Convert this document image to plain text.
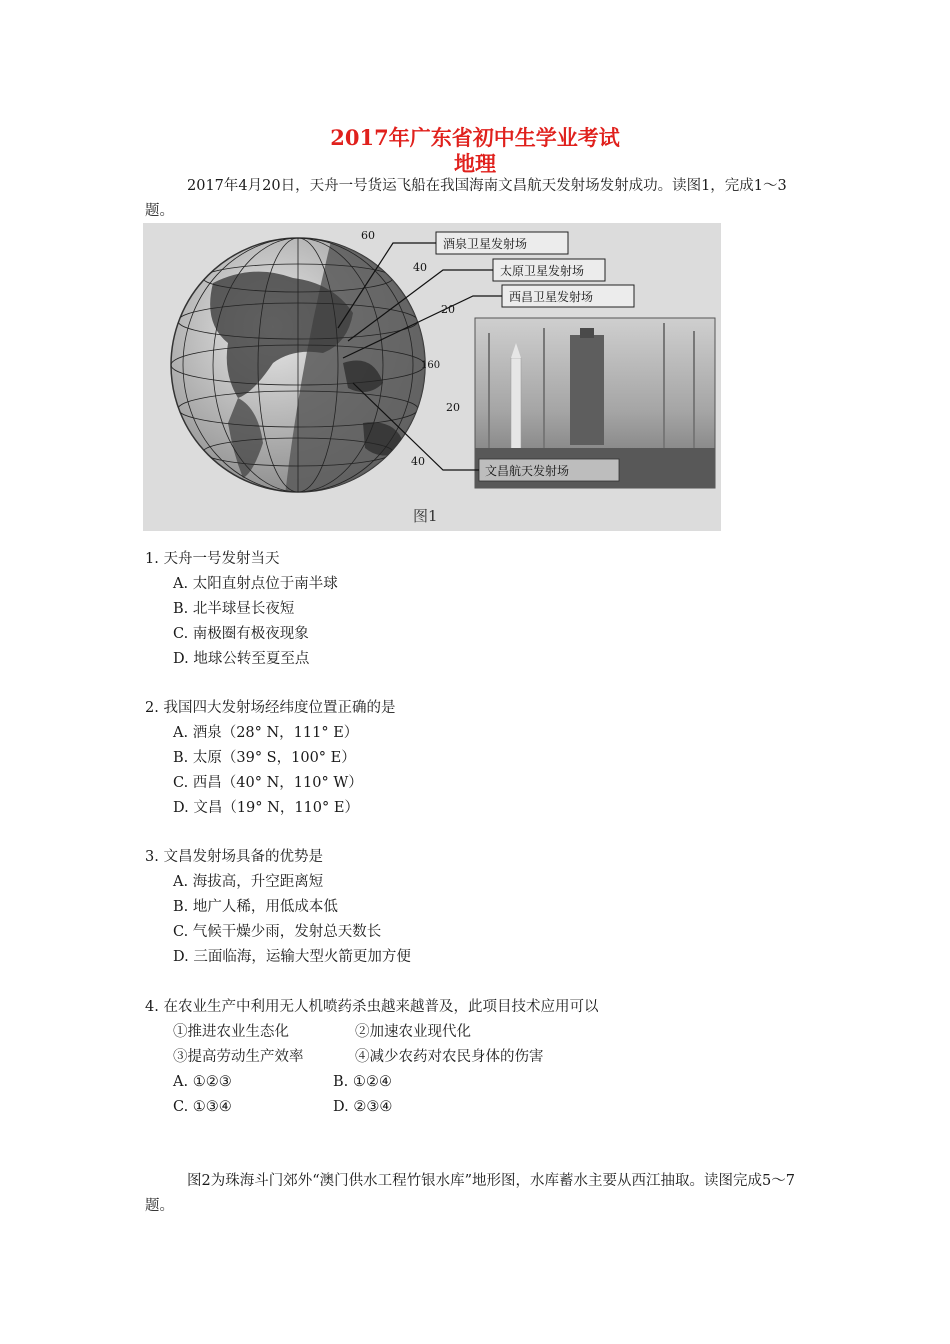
2017年广东省初中生学业考试
地理
2017年4月20日，天舟一号货运飞船在我国海南文昌航天发射场发射成功。读图1，完成1～3题。
60
40
20
160
20
40
酒泉卫星发射场
太原卫星发射场
西昌卫星发射场
文昌航天发射场
图1
1. 天舟一号发射当天
A. 太阳直射点位于南半球
B. 北半球昼长夜短
C. 南极圈有极夜现象
D. 地球公转至夏至点
2. 我国四大发射场经纬度位置正确的是
A. 酒泉（28° N，111° E）
B. 太原（39° S，100° E）
C. 西昌（40° N，110° W）
D. 文昌（19° N，110° E）
3. 文昌发射场具备的优势是
A. 海拔高，升空距离短
B. 地广人稀，用低成本低
C. 气候干燥少雨，发射总天数长
D. 三面临海，运输大型火箭更加方便
4. 在农业生产中利用无人机喷药杀虫越来越普及，此项目技术应用可以
①推进农业生态化	②加速农业现代化
③提高劳动生产效率	④减少农药对农民身体的伤害
A. ①②③	B. ①②④
C. ①③④	D. ②③④
图2为珠海斗门郊外“澳门供水工程竹银水库”地形图，水库蓄水主要从西江抽取。读图完成5～7题。
